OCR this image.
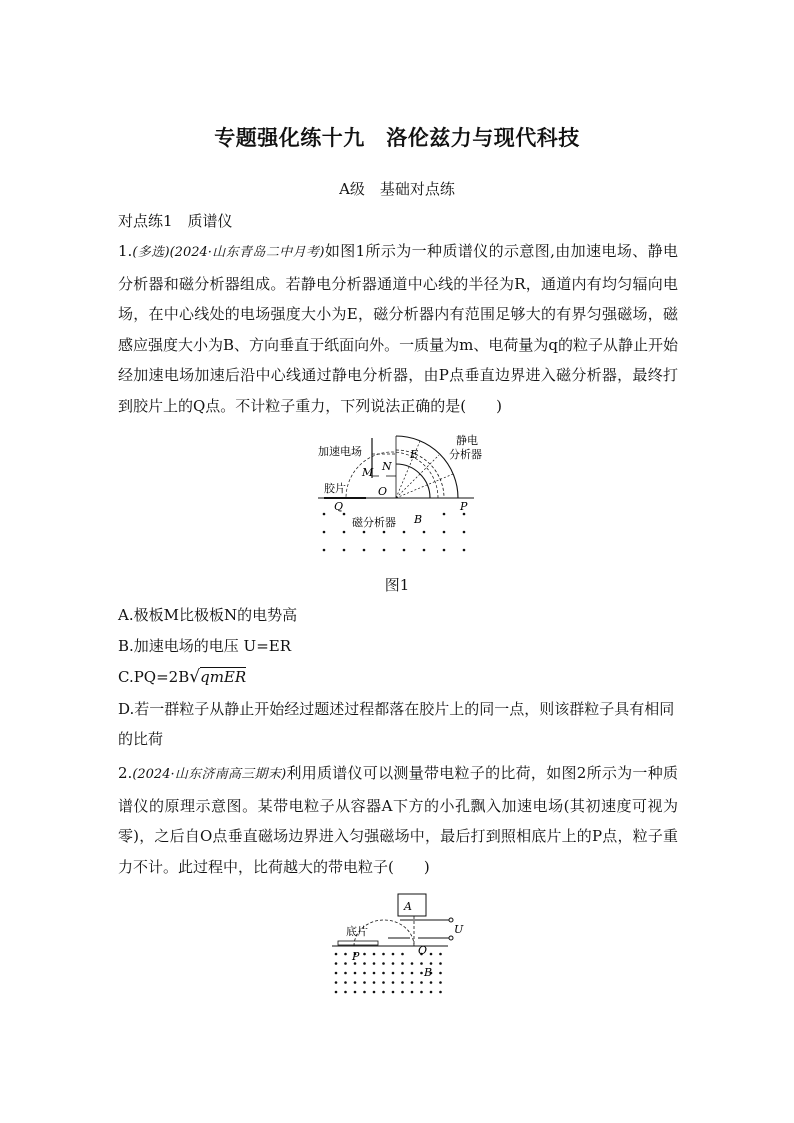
专题强化练十九　洛伦兹力与现代科技
A级　基础对点练
对点练1　质谱仪

1.(多选)(2024·山东青岛二中月考)如图1所示为一种质谱仪的示意图,由加速电场、静电分析器和磁分析器组成。若静电分析器通道中心线的半径为R，通道内有均匀辐向电场，在中心线处的电场强度大小为E，磁分析器内有范围足够大的有界匀强磁场，磁感应强度大小为B、方向垂直于纸面向外。一质量为m、电荷量为q的粒子从静止开始经加速电场加速后沿中心线通过静电分析器，由P点垂直边界进入磁分析器，最终打到胶片上的Q点。不计粒子重力，下列说法正确的是(　　)

加速电场
静电
分析器
胶片
磁分析器
M N
E
O
Q	P
B
图1
A.极板M比极板N的电势高
B.加速电场的电压 U=ER
C.PQ=2B√qmER
D.若一群粒子从静止开始经过题述过程都落在胶片上的同一点，则该群粒子具有相同的比荷

2.(2024·山东济南高三期末)利用质谱仪可以测量带电粒子的比荷，如图2所示为一种质谱仪的原理示意图。某带电粒子从容器A下方的小孔飘入加速电场(其初速度可视为零)，之后自O点垂直磁场边界进入匀强磁场中，最后打到照相底片上的P点，粒子重力不计。此过程中，比荷越大的带电粒子(　　)

A
U
底片
P	O
B
